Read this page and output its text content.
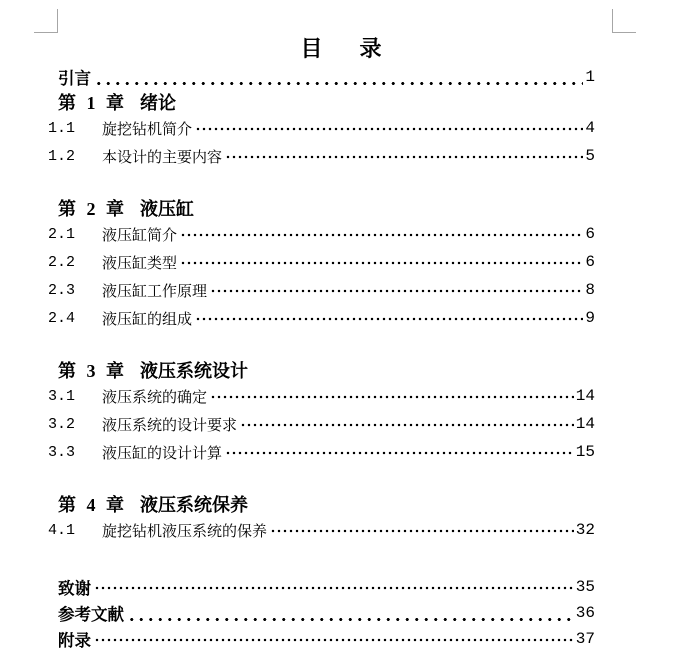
目  录
引言	1
第 1 章 绪论
1.1	旋挖钻机简介	4
1.2	本设计的主要内容	5
第 2 章 液压缸
2.1	液压缸简介	6
2.2	液压缸类型	6
2.3	液压缸工作原理	8
2.4	液压缸的组成	9
第 3 章 液压系统设计
3.1	液压系统的确定	14
3.2	液压系统的设计要求	14
3.3	液压缸的设计计算	15
第 4 章 液压系统保养
4.1	旋挖钻机液压系统的保养	32
致谢	35
参考文献	36
附录	37
